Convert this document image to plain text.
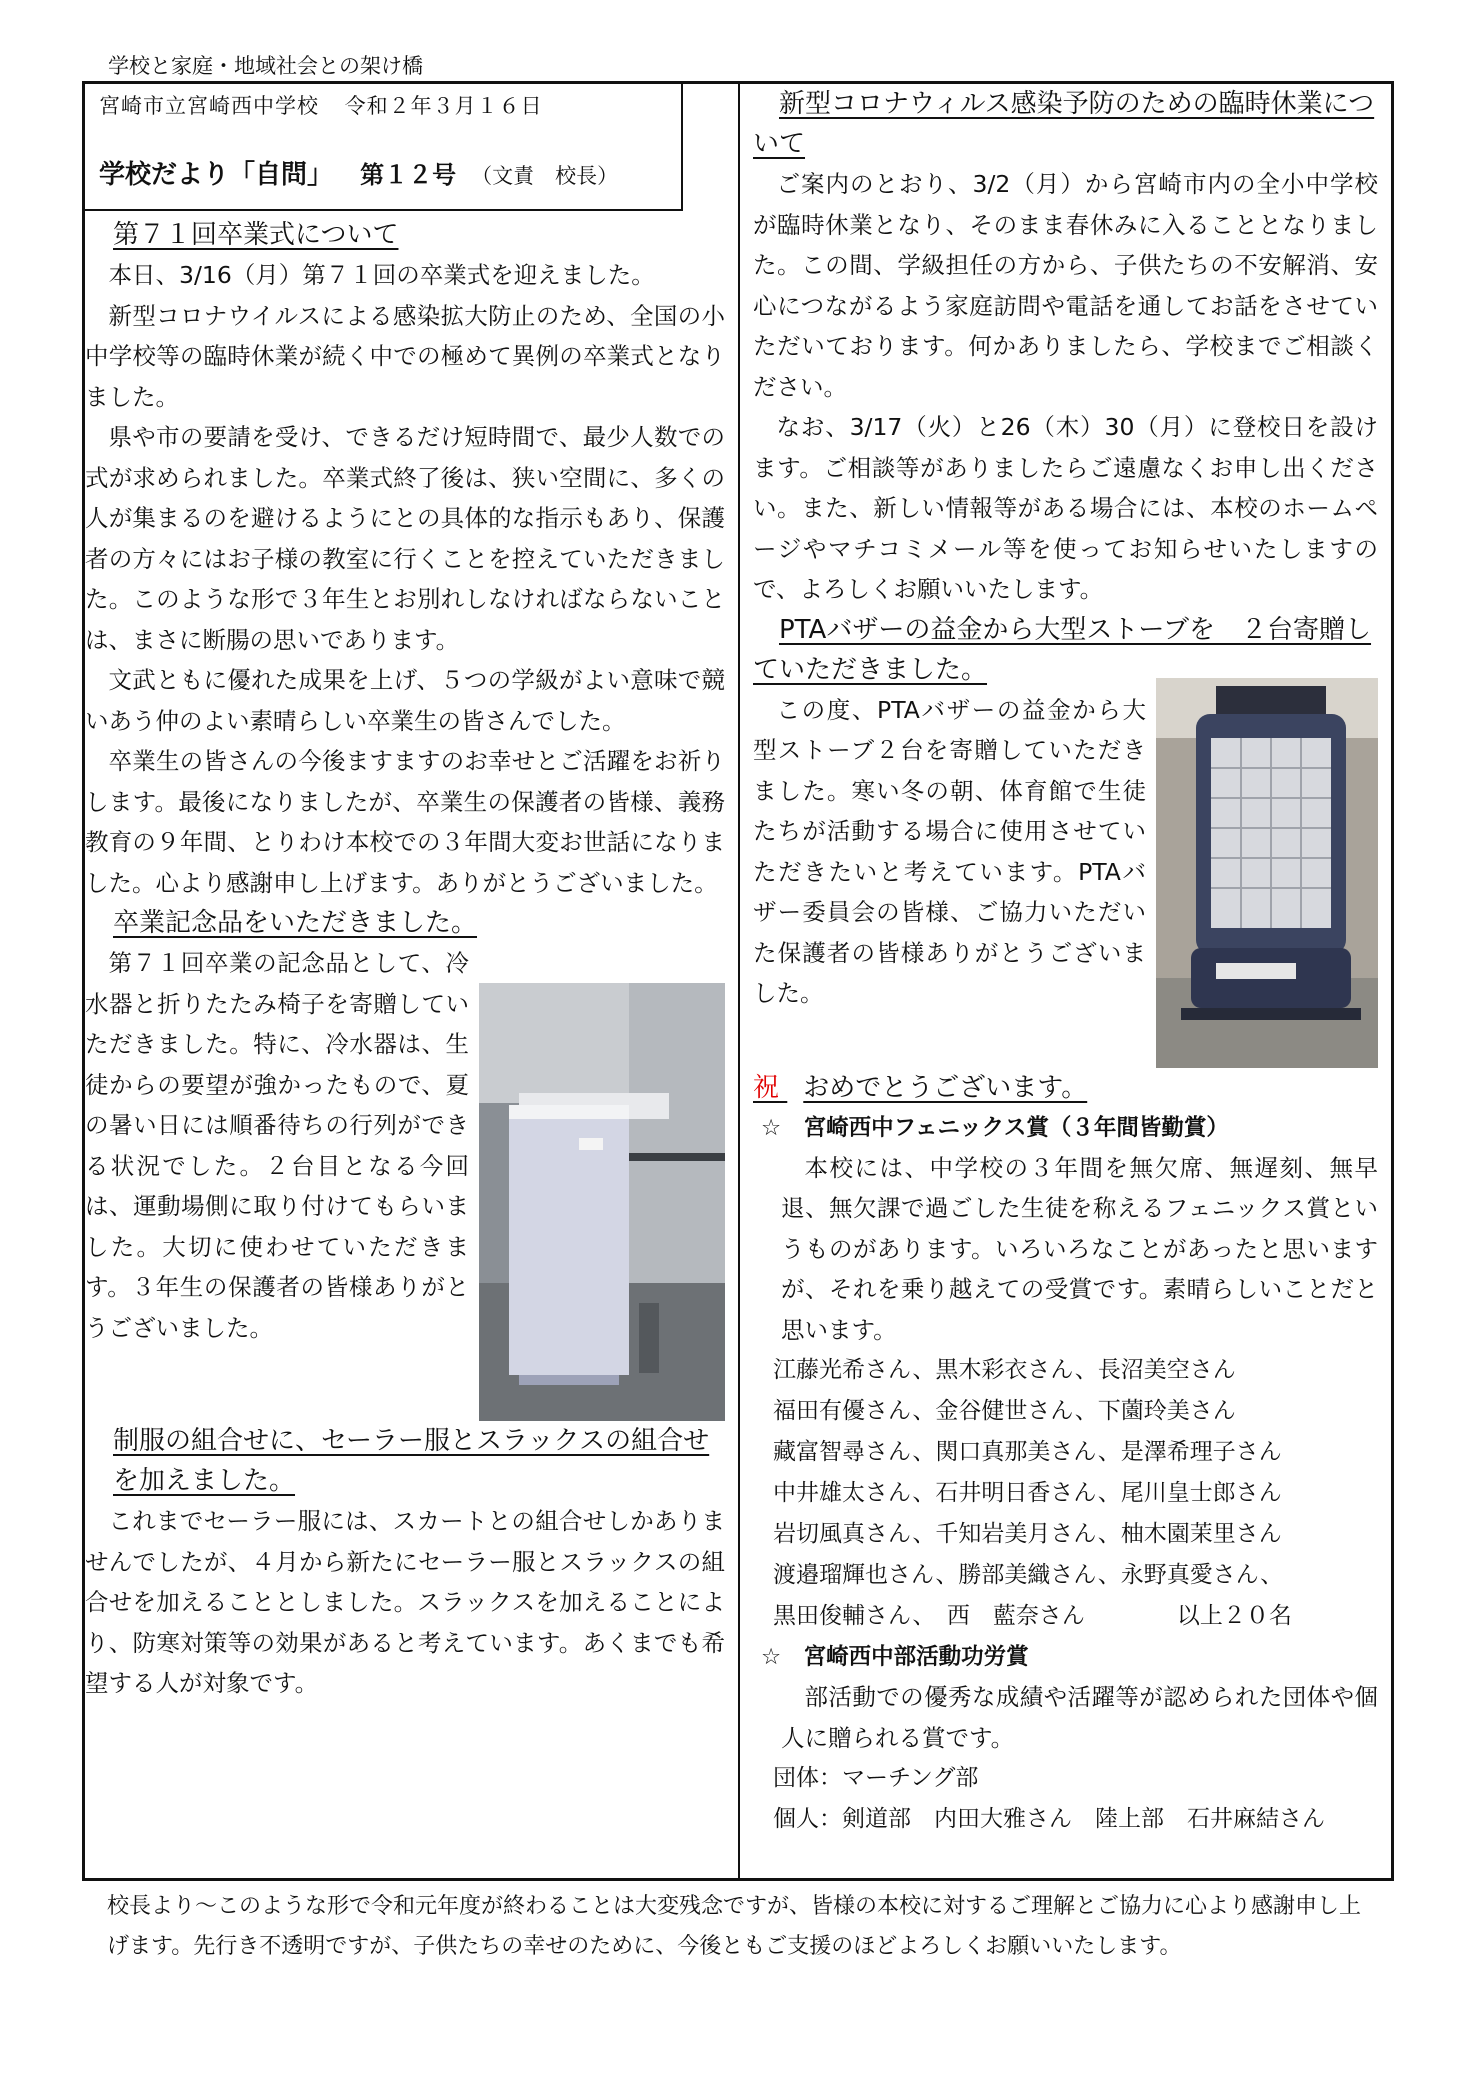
学校と家庭・地域社会との架け橋
宮崎市立宮崎西中学校 令和２年３月１６日
学校だより「自問」 第１２号 （文責　校長）
第７１回卒業式について

本日、3/16（月）第７１回の卒業式を迎えました。

新型コロナウイルスによる感染拡大防止のため、全国の小中学校等の臨時休業が続く中での極めて異例の卒業式となりました。

県や市の要請を受け、できるだけ短時間で、最少人数での式が求められました。卒業式終了後は、狭い空間に、多くの人が集まるのを避けるようにとの具体的な指示もあり、保護者の方々にはお子様の教室に行くことを控えていただきました。このような形で３年生とお別れしなければならないことは、まさに断腸の思いであります。

文武ともに優れた成果を上げ、５つの学級がよい意味で競いあう仲のよい素晴らしい卒業生の皆さんでした。

卒業生の皆さんの今後ますますのお幸せとご活躍をお祈りします。最後になりましたが、卒業生の保護者の皆様、義務教育の９年間、とりわけ本校での３年間大変お世話になりました。心より感謝申し上げます。ありがとうございました。

卒業記念品をいただきました。

第７１回卒業の記念品として、冷水器と折りたたみ椅子を寄贈していただきました。特に、冷水器は、生徒からの要望が強かったもので、夏の暑い日には順番待ちの行列ができる状況でした。２台目となる今回は、運動場側に取り付けてもらいました。大切に使わせていただきます。３年生の保護者の皆様ありがとうございました。

制服の組合せに、セーラー服とスラックスの組合せを加えました。

これまでセーラー服には、スカートとの組合せしかありませんでしたが、４月から新たにセーラー服とスラックスの組合せを加えることとしました。スラックスを加えることにより、防寒対策等の効果があると考えています。あくまでも希望する人が対象です。

新型コロナウィルス感染予防のための臨時休業について

ご案内のとおり、3/2（月）から宮崎市内の全小中学校が臨時休業となり、そのまま春休みに入ることとなりました。この間、学級担任の方から、子供たちの不安解消、安心につながるよう家庭訪問や電話を通してお話をさせていただいております。何かありましたら、学校までご相談ください。

なお、3/17（火）と26（木）30（月）に登校日を設けます。ご相談等がありましたらご遠慮なくお申し出ください。また、新しい情報等がある場合には、本校のホームページやマチコミメール等を使ってお知らせいたしますので、よろしくお願いいたします。

PTAバザーの益金から大型ストーブを　２台寄贈していただきました。

この度、PTAバザーの益金から大型ストーブ２台を寄贈していただきました。寒い冬の朝、体育館で生徒たちが活動する場合に使用させていただきたいと考えています。PTAバザー委員会の皆様、ご協力いただいた保護者の皆様ありがとうございました。

祝 おめでとうございます。
☆　宮崎西中フェニックス賞（３年間皆勤賞）

本校には、中学校の３年間を無欠席、無遅刻、無早退、無欠課で過ごした生徒を称えるフェニックス賞というものがあります。いろいろなことがあったと思いますが、それを乗り越えての受賞です。素晴らしいことだと思います。

江藤光希さん、黒木彩衣さん、長沼美空さん
福田有優さん、金谷健世さん、下薗玲美さん
藏富智尋さん、関口真那美さん、是澤希理子さん
中井雄太さん、石井明日香さん、尾川皇士郎さん
岩切風真さん、千知岩美月さん、柚木園茉里さん
渡邉瑠輝也さん、勝部美織さん、永野真愛さん、
黒田俊輔さん、　西　藍奈さん　　　　以上２０名
☆　宮崎西中部活動功労賞

部活動での優秀な成績や活躍等が認められた団体や個人に贈られる賞です。

団体：マーチング部
個人：剣道部　内田大雅さん　陸上部　石井麻結さん
校長より～このような形で令和元年度が終わることは大変残念ですが、皆様の本校に対するご理解とご協力に心より感謝申し上げます。先行き不透明ですが、子供たちの幸せのために、今後ともご支援のほどよろしくお願いいたします。
